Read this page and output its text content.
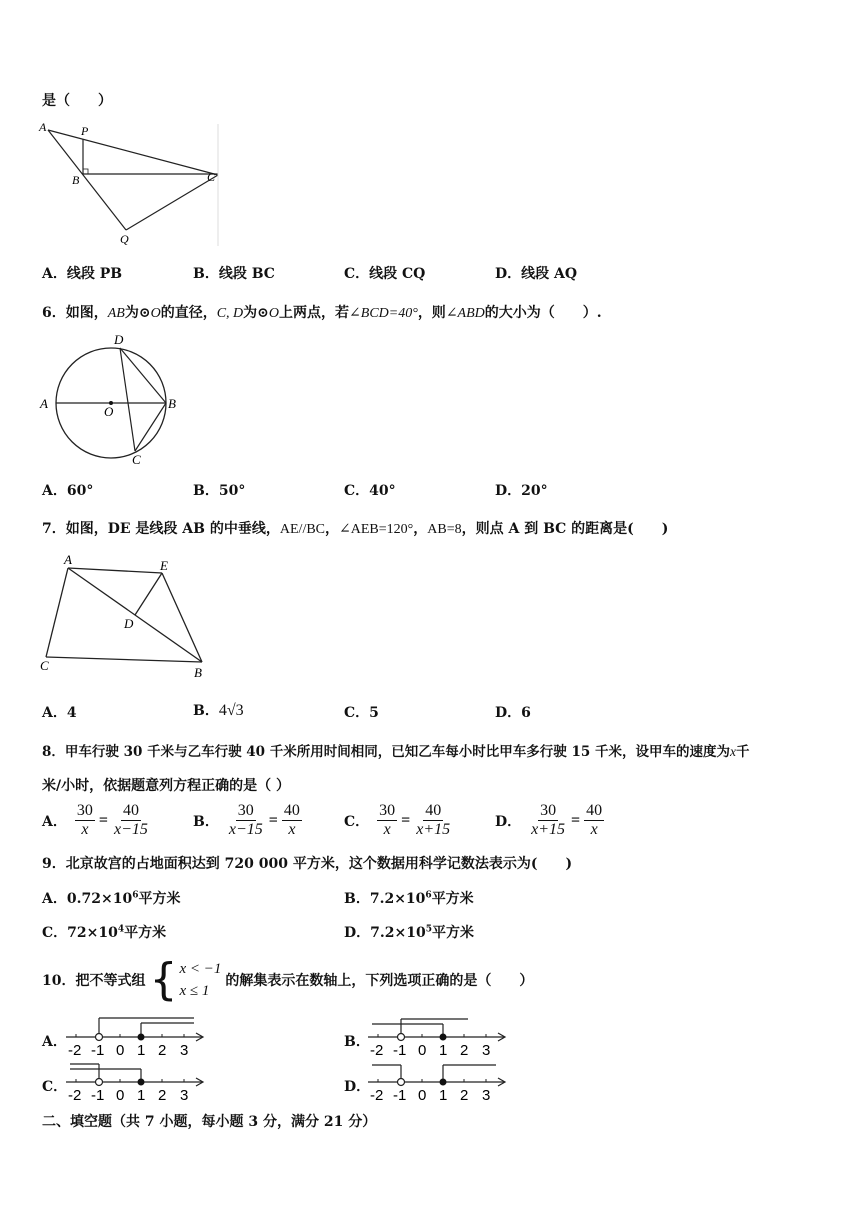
是（　　）
A	P
B	C
Q
A．线段 PB	B．线段 BC	C．线段 CQ	D．线段 AQ
6．如图，AB为⊙O的直径，C, D为⊙O上两点，若∠BCD=40°，则∠ABD的大小为（　　）.
A
O
B
C
D
A．60°	B．50°	C．40°	D．20°
7．如图，DE 是线段 AB 的中垂线，AE//BC，∠AEB=120°，AB=8，则点 A 到 BC 的距离是(　　)
A	E
D
C	B
A．4	B．4√3	C．5	D．6
8．甲车行驶 30 千米与乙车行驶 40 千米所用时间相同，已知乙车每小时比甲车多行驶 15 千米，设甲车的速度为x千
米/小时，依据题意列方程正确的是（ ）
A． $\frac{30}{x} = \frac{40}{x-15}$	B． $\frac{30}{x-15} = \frac{40}{x}$	C． $\frac{30}{x} = \frac{40}{x+15}$	D． $\frac{30}{x+15} = \frac{40}{x}$
9．北京故宫的占地面积达到 720 000 平方米，这个数据用科学记数法表示为(　　)
A．$0.72\times 10^6$平方米	B．$7.2\times 10^6$平方米
C．$72\times 10^4$平方米	D．$7.2\times 10^5$平方米
10． 把不等式组 { x < −1
x ≤ 1
的解集表示在数轴上，下列选项正确的是（　　）
A． -2 -1 0 1 2 3	B． -2 -1 0 1 2 3
C． -2 -1 0 1 2 3	D． -2 -1 0 1 2 3
二、填空题（共 7 小题，每小题 3 分，满分 21 分）
